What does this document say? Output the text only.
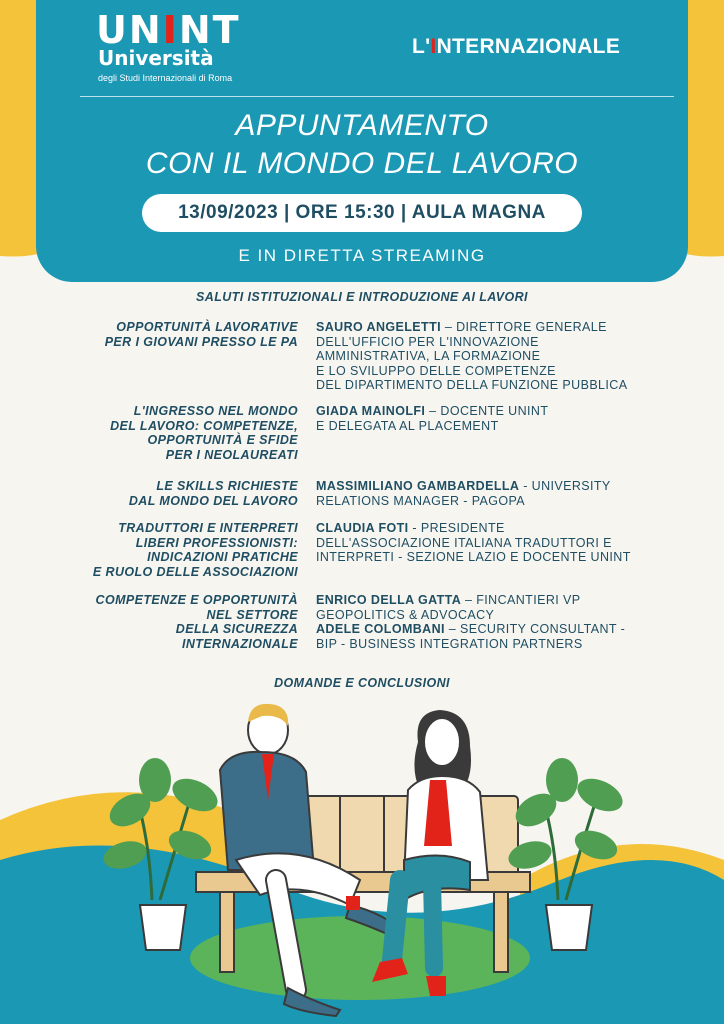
UNINT
Università
degli Studi Internazionali di Roma
L'INTERNAZIONALE
APPUNTAMENTO
CON IL MONDO DEL LAVORO
13/09/2023 | ORE 15:30 | AULA MAGNA
E IN DIRETTA STREAMING
SALUTI ISTITUZIONALI E INTRODUZIONE AI LAVORI
OPPORTUNITÀ LAVORATIVE
PER I GIOVANI PRESSO LE PA
SAURO ANGELETTI – DIRETTORE GENERALE
DELL'UFFICIO PER L'INNOVAZIONE
AMMINISTRATIVA, LA FORMAZIONE
E LO SVILUPPO DELLE COMPETENZE
DEL DIPARTIMENTO DELLA FUNZIONE PUBBLICA
L'INGRESSO NEL MONDO
DEL LAVORO: COMPETENZE,
OPPORTUNITÀ E SFIDE
PER I NEOLAUREATI
GIADA MAINOLFI – DOCENTE UNINT
E DELEGATA AL PLACEMENT
LE SKILLS RICHIESTE
DAL MONDO DEL LAVORO
MASSIMILIANO GAMBARDELLA - UNIVERSITY
RELATIONS MANAGER - PAGOPA
TRADUTTORI E INTERPRETI
LIBERI PROFESSIONISTI:
INDICAZIONI PRATICHE
E RUOLO DELLE ASSOCIAZIONI
CLAUDIA FOTI - PRESIDENTE
DELL'ASSOCIAZIONE ITALIANA TRADUTTORI E
INTERPRETI - SEZIONE LAZIO E DOCENTE UNINT
COMPETENZE E OPPORTUNITÀ
NEL SETTORE
DELLA SICUREZZA
INTERNAZIONALE
ENRICO DELLA GATTA – FINCANTIERI VP
GEOPOLITICS & ADVOCACY
ADELE COLOMBANI – SECURITY CONSULTANT -
BIP - BUSINESS INTEGRATION PARTNERS
DOMANDE E CONCLUSIONI
